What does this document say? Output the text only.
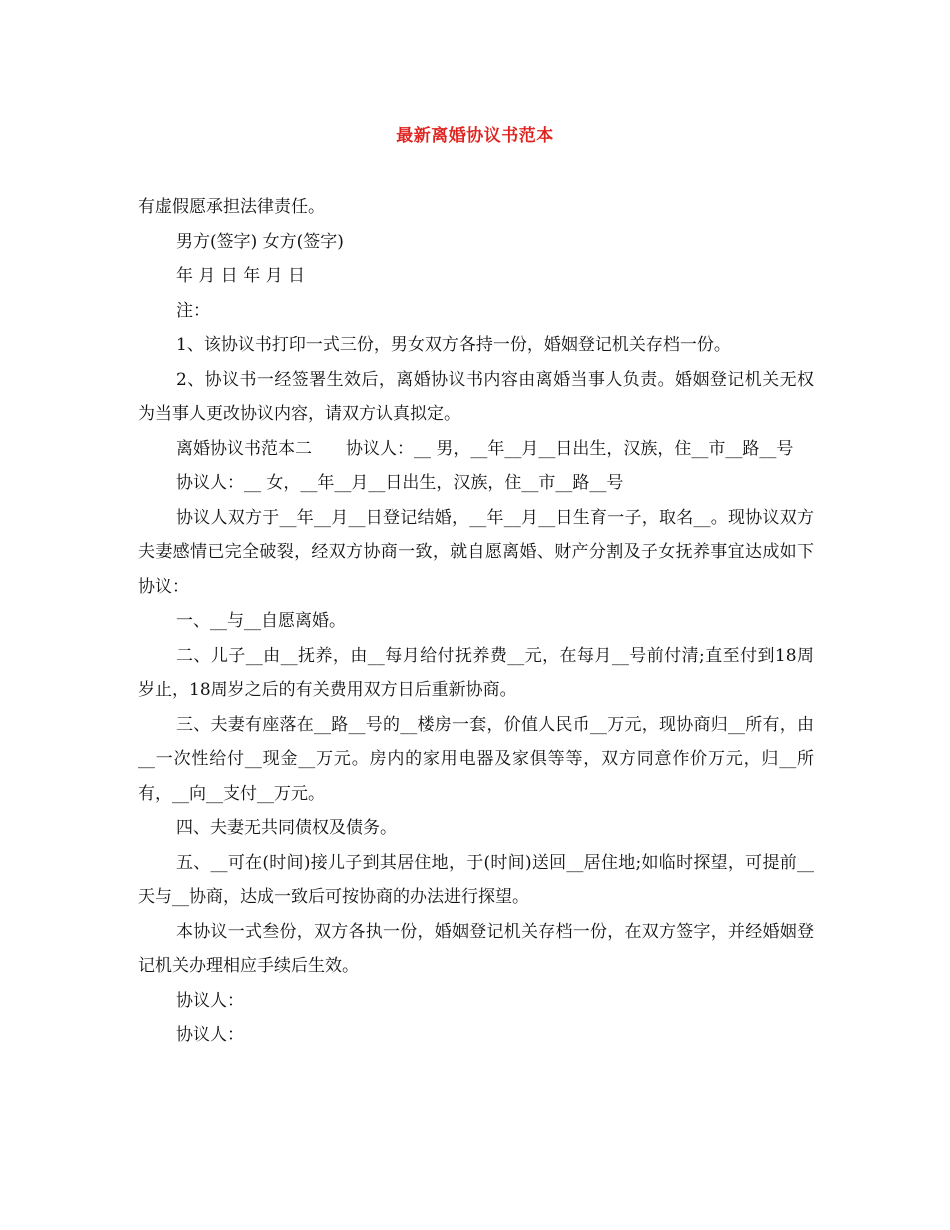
最新离婚协议书范本

有虚假愿承担法律责任。

男方(签字) 女方(签字)

年 月 日 年 月 日

注：

1、该协议书打印一式三份，男女双方各持一份，婚姻登记机关存档一份。

2、协议书一经签署生效后，离婚协议书内容由离婚当事人负责。婚姻登记机关无权为当事人更改协议内容，请双方认真拟定。

离婚协议书范本二　　协议人：__ 男，__年__月__日出生，汉族，住__市__路__号

协议人：__ 女，__年__月__日出生，汉族，住__市__路__号

协议人双方于__年__月__日登记结婚，__年__月__日生育一子，取名__。现协议双方夫妻感情已完全破裂，经双方协商一致，就自愿离婚、财产分割及子女抚养事宜达成如下协议：

一、__与__自愿离婚。

二、儿子__由__抚养，由__每月给付抚养费__元，在每月__号前付清;直至付到18周岁止，18周岁之后的有关费用双方日后重新协商。

三、夫妻有座落在__路__号的__楼房一套，价值人民币__万元，现协商归__所有，由__一次性给付__现金__万元。房内的家用电器及家俱等等，双方同意作价万元，归__所有，__向__支付__万元。

四、夫妻无共同债权及债务。

五、__可在(时间)接儿子到其居住地，于(时间)送回__居住地;如临时探望，可提前__天与__协商，达成一致后可按协商的办法进行探望。

本协议一式叁份，双方各执一份，婚姻登记机关存档一份，在双方签字，并经婚姻登记机关办理相应手续后生效。

协议人：

协议人：
